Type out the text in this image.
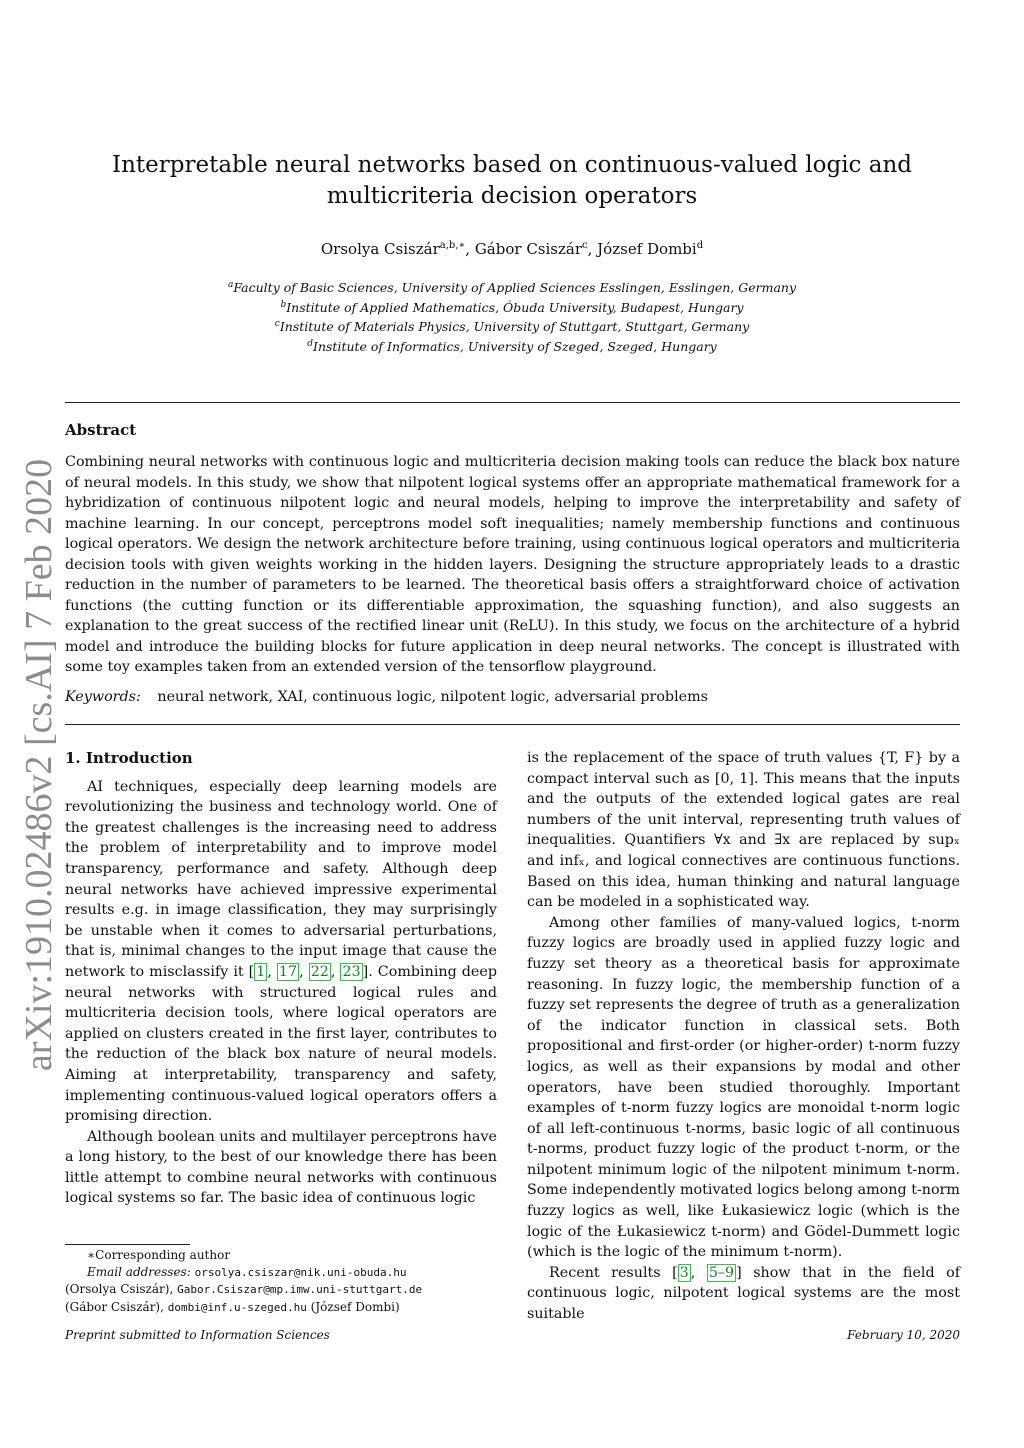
arXiv:1910.02486v2 [cs.AI] 7 Feb 2020
Interpretable neural networks based on continuous-valued logic and multicriteria decision operators
Orsolya Csiszár$^{a,b,∗}$, Gábor Csiszár$^c$, József Dombi$^d$
$^a$Faculty of Basic Sciences, University of Applied Sciences Esslingen, Esslingen, Germany
$^b$Institute of Applied Mathematics, Óbuda University, Budapest, Hungary
$^c$Institute of Materials Physics, University of Stuttgart, Stuttgart, Germany
$^d$Institute of Informatics, University of Szeged, Szeged, Hungary
Abstract
Combining neural networks with continuous logic and multicriteria decision making tools can reduce the black box nature of neural models. In this study, we show that nilpotent logical systems offer an appropriate mathematical framework for a hybridization of continuous nilpotent logic and neural models, helping to improve the interpretability and safety of machine learning. In our concept, perceptrons model soft inequalities; namely membership functions and continuous logical operators. We design the network architecture before training, using continuous logical operators and multicriteria decision tools with given weights working in the hidden layers. Designing the structure appropriately leads to a drastic reduction in the number of parameters to be learned. The theoretical basis offers a straightforward choice of activation functions (the cutting function or its differentiable approximation, the squashing function), and also suggests an explanation to the great success of the rectified linear unit (ReLU). In this study, we focus on the architecture of a hybrid model and introduce the building blocks for future application in deep neural networks. The concept is illustrated with some toy examples taken from an extended version of the tensorflow playground.
Keywords: neural network, XAI, continuous logic, nilpotent logic, adversarial problems
1. Introduction

AI techniques, especially deep learning models are revolutionizing the business and technology world. One of the greatest challenges is the increasing need to address the problem of interpretability and to improve model transparency, performance and safety. Although deep neural networks have achieved impressive experimental results e.g. in image classification, they may surprisingly be unstable when it comes to adversarial perturbations, that is, minimal changes to the input image that cause the network to misclassify it [ 1 , 17 , 22 , 23 ]. Combining deep neural networks with structured logical rules and multicriteria decision tools, where logical operators are applied on clusters created in the first layer, contributes to the reduction of the black box nature of neural models. Aiming at interpretability, transparency and safety, implementing continuous-valued logical operators offers a promising direction.

Although boolean units and multilayer perceptrons have a long history, to the best of our knowledge there has been little attempt to combine neural networks with continuous logical systems so far. The basic idea of continuous logic

is the replacement of the space of truth values {T, F} by a compact interval such as [0, 1]. This means that the inputs and the outputs of the extended logical gates are real numbers of the unit interval, representing truth values of inequalities. Quantifiers ∀x and ∃x are replaced by supₓ and infₓ, and logical connectives are continuous functions. Based on this idea, human thinking and natural language can be modeled in a sophisticated way.

Among other families of many-valued logics, t-norm fuzzy logics are broadly used in applied fuzzy logic and fuzzy set theory as a theoretical basis for approximate reasoning. In fuzzy logic, the membership function of a fuzzy set represents the degree of truth as a generalization of the indicator function in classical sets. Both propositional and first-order (or higher-order) t-norm fuzzy logics, as well as their expansions by modal and other operators, have been studied thoroughly. Important examples of t-norm fuzzy logics are monoidal t-norm logic of all left-continuous t-norms, basic logic of all continuous t-norms, product fuzzy logic of the product t-norm, or the nilpotent minimum logic of the nilpotent minimum t-norm. Some independently motivated logics belong among t-norm fuzzy logics as well, like Łukasiewicz logic (which is the logic of the Łukasiewicz t-norm) and Gödel-Dummett logic (which is the logic of the minimum t-norm).

Recent results [ 3 , 5–9 ] show that in the field of continuous logic, nilpotent logical systems are the most suitable

∗Corresponding author
Email addresses: orsolya.csiszar@nik.uni-obuda.hu
(Orsolya Csiszár), Gabor.Csiszar@mp.imw.uni-stuttgart.de
(Gábor Csiszár), dombi@inf.u-szeged.hu (József Dombi)
Preprint submitted to Information Sciences	February 10, 2020
